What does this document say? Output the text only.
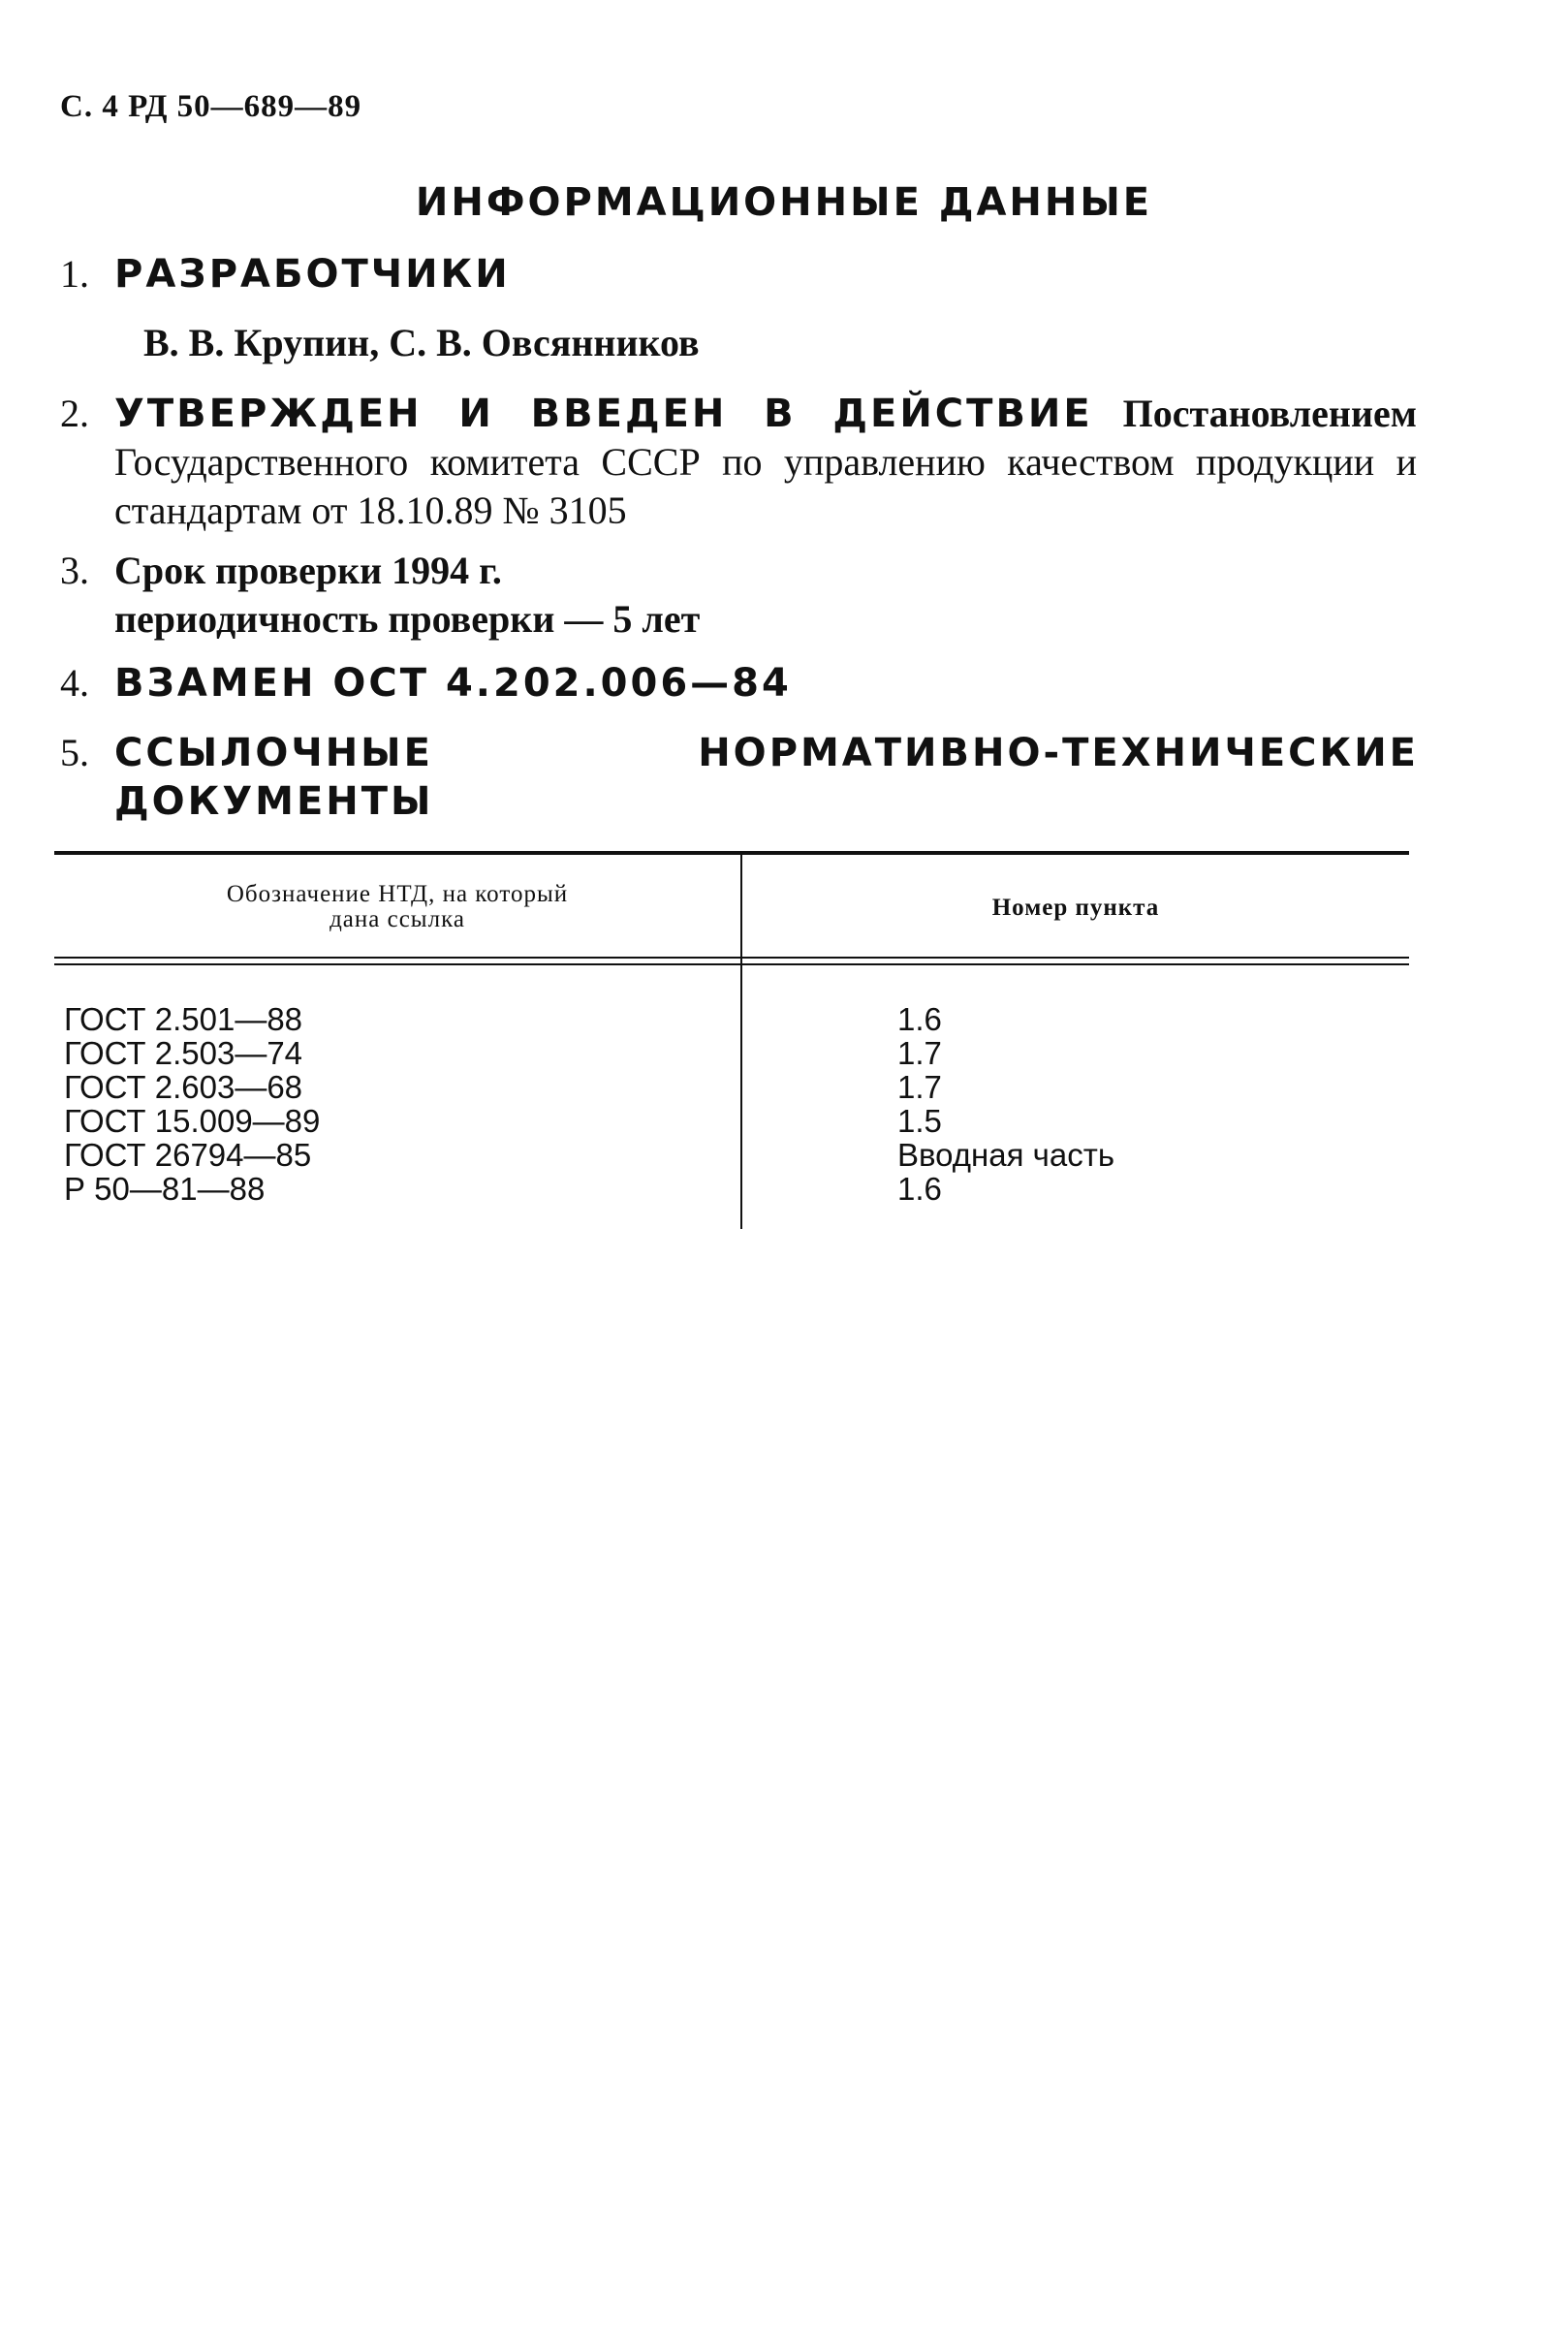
С. 4 РД 50—689—89
ИНФОРМАЦИОННЫЕ ДАННЫЕ
1. РАЗРАБОТЧИКИ
В. В. Крупин, С. В. Овсянников
2. УТВЕРЖДЕН И ВВЕДЕН В ДЕЙСТВИЕ Постановлением Государственного комитета СССР по управлению качеством продукции и стандартам от 18.10.89 № 3105
3. Срок проверки 1994 г.
периодичность проверки — 5 лет
4. ВЗАМЕН ОСТ 4.202.006—84
5. ССЫЛОЧНЫЕ НОРМАТИВНО-ТЕХНИЧЕСКИЕ ДОКУМЕНТЫ
Обозначение НТД, на который
дана ссылка	Номер пункта
ГОСТ 2.501—88	1.6
ГОСТ 2.503—74	1.7
ГОСТ 2.603—68	1.7
ГОСТ 15.009—89	1.5
ГОСТ 26794—85	Вводная часть
Р 50—81—88	1.6
